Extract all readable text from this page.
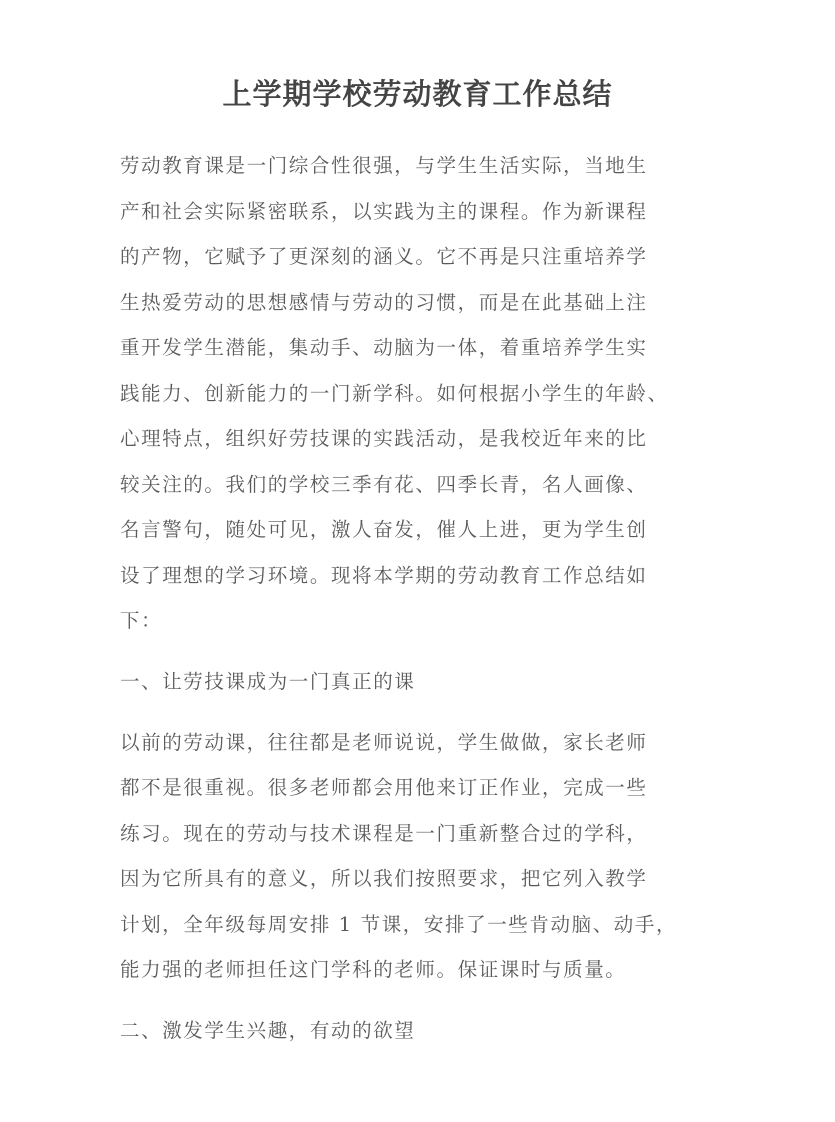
上学期学校劳动教育工作总结

劳动教育课是一门综合性很强，与学生生活实际，当地生

产和社会实际紧密联系，以实践为主的课程。作为新课程

的产物，它赋予了更深刻的涵义。它不再是只注重培养学

生热爱劳动的思想感情与劳动的习惯，而是在此基础上注

重开发学生潜能，集动手、动脑为一体，着重培养学生实

践能力、创新能力的一门新学科。如何根据小学生的年龄、

心理特点，组织好劳技课的实践活动，是我校近年来的比

较关注的。我们的学校三季有花、四季长青，名人画像、

名言警句，随处可见，激人奋发，催人上进，更为学生创

设了理想的学习环境。现将本学期的劳动教育工作总结如

下：

一、让劳技课成为一门真正的课

以前的劳动课，往往都是老师说说，学生做做，家长老师

都不是很重视。很多老师都会用他来订正作业，完成一些

练习。现在的劳动与技术课程是一门重新整合过的学科，

因为它所具有的意义，所以我们按照要求，把它列入教学

计划，全年级每周安排 1 节课，安排了一些肯动脑、动手，

能力强的老师担任这门学科的老师。保证课时与质量。

二、激发学生兴趣，有动的欲望
